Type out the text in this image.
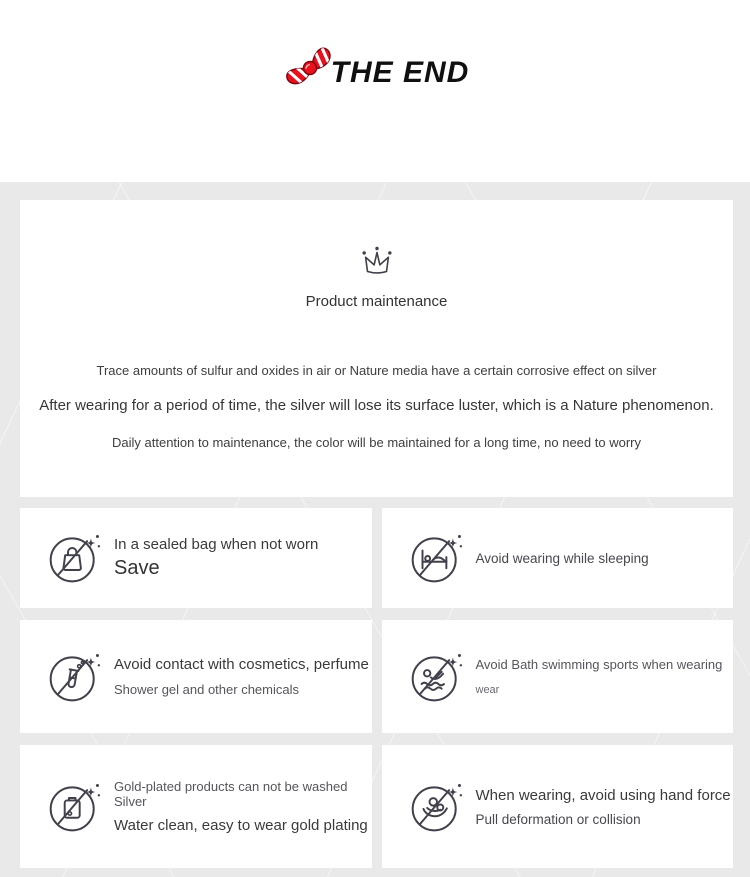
THE END
Product maintenance

Trace amounts of sulfur and oxides in air or Nature media have a certain corrosive effect on silver

After wearing for a period of time, the silver will lose its surface luster, which is a Nature phenomenon.

Daily attention to maintenance, the color will be maintained for a long time, no need to worry

In a sealed bag when not worn
Save	Avoid wearing while sleeping
Avoid contact with cosmetics, perfume
Shower gel and other chemicals
Avoid Bath swimming sports when wearing
wear
Gold-plated products can not be washed Silver
Water clean, easy to wear gold plating
When wearing, avoid using hand force
Pull deformation or collision
